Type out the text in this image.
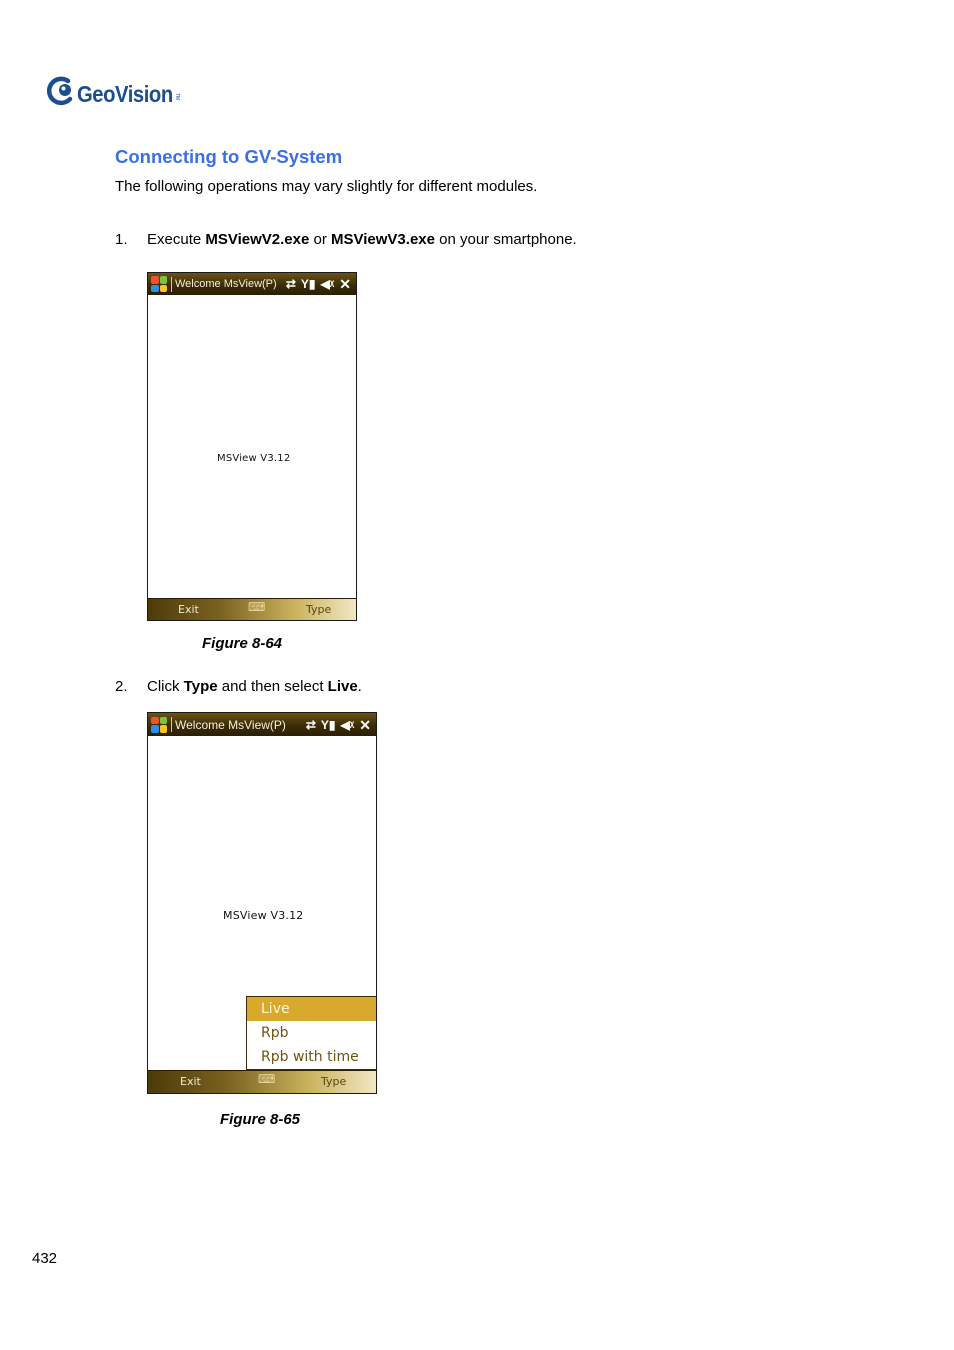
GeoVision TM
Connecting to GV-System
The following operations may vary slightly for different modules.
1. Execute MSViewV2.exe or MSViewV3.exe on your smartphone.
Welcome MsView(P) ⇄ Y▮ ◀ᵡ ✕
MSView V3.12
Exit	⌨	Type
Figure 8-64
2. Click Type and then select Live.
Welcome MsView(P) ⇄ Y▮ ◀ᵡ ✕
MSView V3.12
Live
Rpb
Rpb with time
Exit	⌨	Type
Figure 8-65
432
